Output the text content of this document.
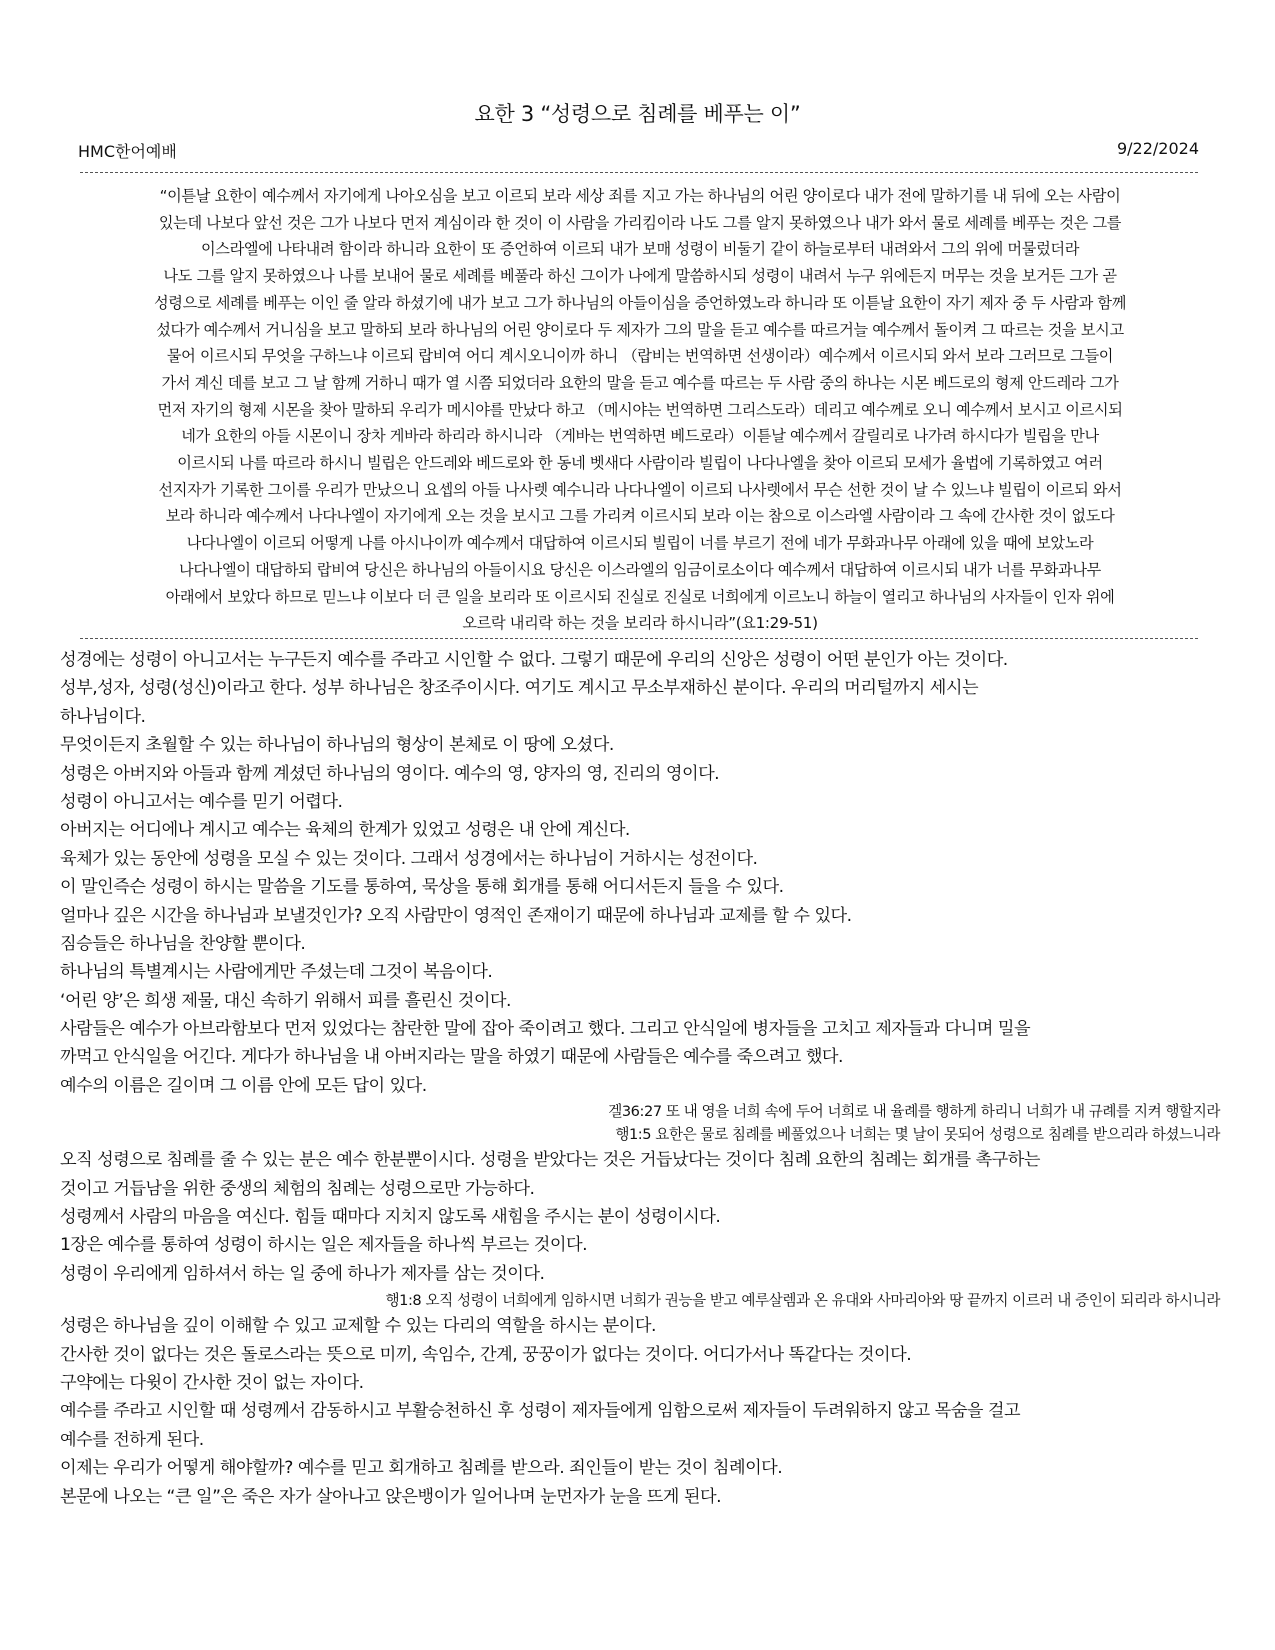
요한 3 “성령으로 침례를 베푸는 이”
HMC한어예배	9/22/2024
“이튿날 요한이 예수께서 자기에게 나아오심을 보고 이르되 보라 세상 죄를 지고 가는 하나님의 어린 양이로다 내가 전에 말하기를 내 뒤에 오는 사람이
있는데 나보다 앞선 것은 그가 나보다 먼저 계심이라 한 것이 이 사람을 가리킴이라 나도 그를 알지 못하였으나 내가 와서 물로 세례를 베푸는 것은 그를
이스라엘에 나타내려 함이라 하니라 요한이 또 증언하여 이르되 내가 보매 성령이 비둘기 같이 하늘로부터 내려와서 그의 위에 머물렀더라
나도 그를 알지 못하였으나 나를 보내어 물로 세례를 베풀라 하신 그이가 나에게 말씀하시되 성령이 내려서 누구 위에든지 머무는 것을 보거든 그가 곧
성령으로 세례를 베푸는 이인 줄 알라 하셨기에 내가 보고 그가 하나님의 아들이심을 증언하였노라 하니라 또 이튿날 요한이 자기 제자 중 두 사람과 함께
섰다가 예수께서 거니심을 보고 말하되 보라 하나님의 어린 양이로다 두 제자가 그의 말을 듣고 예수를 따르거늘 예수께서 돌이켜 그 따르는 것을 보시고
물어 이르시되 무엇을 구하느냐 이르되 랍비여 어디 계시오니이까 하니 （랍비는 번역하면 선생이라）예수께서 이르시되 와서 보라 그러므로 그들이
가서 계신 데를 보고 그 날 함께 거하니 때가 열 시쯤 되었더라 요한의 말을 듣고 예수를 따르는 두 사람 중의 하나는 시몬 베드로의 형제 안드레라 그가
먼저 자기의 형제 시몬을 찾아 말하되 우리가 메시야를 만났다 하고 （메시야는 번역하면 그리스도라）데리고 예수께로 오니 예수께서 보시고 이르시되
네가 요한의 아들 시몬이니 장차 게바라 하리라 하시니라 （게바는 번역하면 베드로라）이튿날 예수께서 갈릴리로 나가려 하시다가 빌립을 만나
이르시되 나를 따르라 하시니 빌립은 안드레와 베드로와 한 동네 벳새다 사람이라 빌립이 나다나엘을 찾아 이르되 모세가 율법에 기록하였고 여러
선지자가 기록한 그이를 우리가 만났으니 요셉의 아들 나사렛 예수니라 나다나엘이 이르되 나사렛에서 무슨 선한 것이 날 수 있느냐 빌립이 이르되 와서
보라 하니라 예수께서 나다나엘이 자기에게 오는 것을 보시고 그를 가리켜 이르시되 보라 이는 참으로 이스라엘 사람이라 그 속에 간사한 것이 없도다
나다나엘이 이르되 어떻게 나를 아시나이까 예수께서 대답하여 이르시되 빌립이 너를 부르기 전에 네가 무화과나무 아래에 있을 때에 보았노라
나다나엘이 대답하되 랍비여 당신은 하나님의 아들이시요 당신은 이스라엘의 임금이로소이다 예수께서 대답하여 이르시되 내가 너를 무화과나무
아래에서 보았다 하므로 믿느냐 이보다 더 큰 일을 보리라 또 이르시되 진실로 진실로 너희에게 이르노니 하늘이 열리고 하나님의 사자들이 인자 위에
오르락 내리락 하는 것을 보리라 하시니라”(요1:29-51)
성경에는 성령이 아니고서는 누구든지 예수를 주라고 시인할 수 없다. 그렇기 때문에 우리의 신앙은 성령이 어떤 분인가 아는 것이다.
성부,성자, 성령(성신)이라고 한다. 성부 하나님은 창조주이시다. 여기도 계시고 무소부재하신 분이다. 우리의 머리털까지 세시는
하나님이다.
무엇이든지 초월할 수 있는 하나님이 하나님의 형상이 본체로 이 땅에 오셨다.
성령은 아버지와 아들과 함께 계셨던 하나님의 영이다. 예수의 영, 양자의 영, 진리의 영이다.
성령이 아니고서는 예수를 믿기 어렵다.
아버지는 어디에나 계시고 예수는 육체의 한계가 있었고 성령은 내 안에 계신다.
육체가 있는 동안에 성령을 모실 수 있는 것이다. 그래서 성경에서는 하나님이 거하시는 성전이다.
이 말인즉슨 성령이 하시는 말씀을 기도를 통하여, 묵상을 통해 회개를 통해 어디서든지 들을 수 있다.
얼마나 깊은 시간을 하나님과 보낼것인가? 오직 사람만이 영적인 존재이기 때문에 하나님과 교제를 할 수 있다.
짐승들은 하나님을 찬양할 뿐이다.
하나님의 특별계시는 사람에게만 주셨는데 그것이 복음이다.
‘어린 양’은 희생 제물, 대신 속하기 위해서 피를 흘린신 것이다.
사람들은 예수가 아브라함보다 먼저 있었다는 참란한 말에 잡아 죽이려고 했다. 그리고 안식일에 병자들을 고치고 제자들과 다니며 밀을
까먹고 안식일을 어긴다. 게다가 하나님을 내 아버지라는 말을 하였기 때문에 사람들은 예수를 죽으려고 했다.
예수의 이름은 길이며 그 이름 안에 모든 답이 있다.
겔36:27 또 내 영을 너희 속에 두어 너희로 내 율례를 행하게 하리니 너희가 내 규례를 지켜 행할지라
행1:5 요한은 물로 침례를 베풀었으나 너희는 몇 날이 못되어 성령으로 침례를 받으리라 하셨느니라
오직 성령으로 침례를 줄 수 있는 분은 예수 한분뿐이시다. 성령을 받았다는 것은 거듭났다는 것이다 침례 요한의 침례는 회개를 촉구하는
것이고 거듭남을 위한 중생의 체험의 침례는 성령으로만 가능하다.
성령께서 사람의 마음을 여신다. 힘들 때마다 지치지 않도록 새힘을 주시는 분이 성령이시다.
1장은 예수를 통하여 성령이 하시는 일은 제자들을 하나씩 부르는 것이다.
성령이 우리에게 임하셔서 하는 일 중에 하나가 제자를 삼는 것이다.
행1:8 오직 성령이 너희에게 임하시면 너희가 권능을 받고 예루살렘과 온 유대와 사마리아와 땅 끝까지 이르러 내 증인이 되리라 하시니라
성령은 하나님을 깊이 이해할 수 있고 교제할 수 있는 다리의 역할을 하시는 분이다.
간사한 것이 없다는 것은 돌로스라는 뜻으로 미끼, 속임수, 간계, 꿍꿍이가 없다는 것이다. 어디가서나 똑같다는 것이다.
구약에는 다윗이 간사한 것이 없는 자이다.
예수를 주라고 시인할 때 성령께서 감동하시고 부활승천하신 후 성령이 제자들에게 임함으로써 제자들이 두려워하지 않고 목숨을 걸고
예수를 전하게 된다.
이제는 우리가 어떻게 해야할까? 예수를 믿고 회개하고 침례를 받으라. 죄인들이 받는 것이 침례이다.
본문에 나오는 “큰 일”은 죽은 자가 살아나고 앉은뱅이가 일어나며 눈먼자가 눈을 뜨게 된다.
